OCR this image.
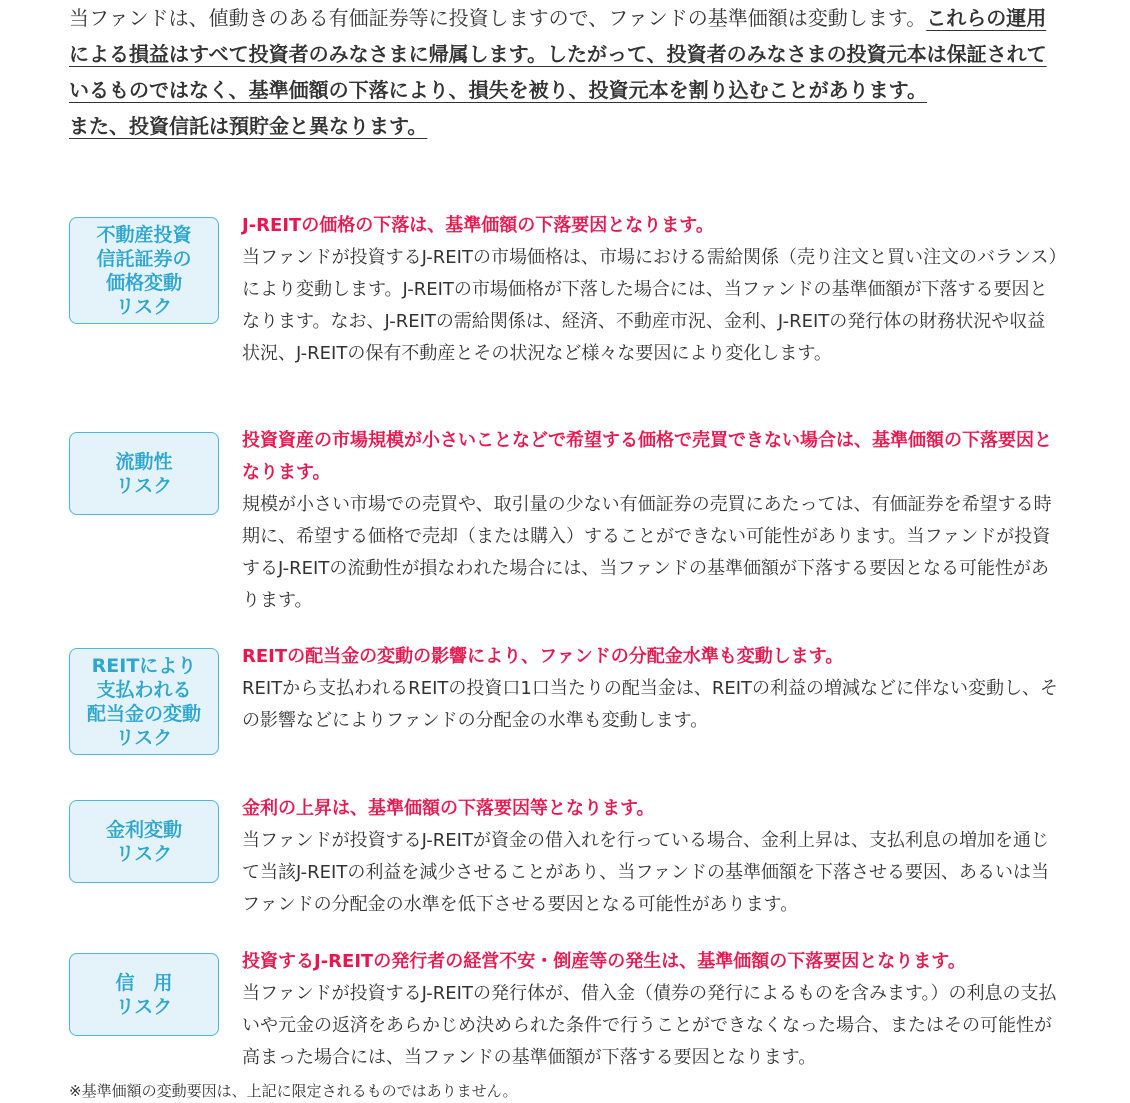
当ファンドは、値動きのある有価証券等に投資しますので、ファンドの基準価額は変動します。これらの運用による損益はすべて投資者のみなさまに帰属します。したがって、投資者のみなさまの投資元本は保証されているものではなく、基準価額の下落により、損失を被り、投資元本を割り込むことがあります。
また、投資信託は預貯金と異なります。
不動産投資
信託証券の
価格変動
リスク
J-REITの価格の下落は、基準価額の下落要因となります。
当ファンドが投資するJ-REITの市場価格は、市場における需給関係（売り注文と買い注文のバランス）により変動します。J-REITの市場価格が下落した場合には、当ファンドの基準価額が下落する要因となります。なお、J-REITの需給関係は、経済、不動産市況、金利、J-REITの発行体の財務状況や収益状況、J-REITの保有不動産とその状況など様々な要因により変化します。
流動性
リスク
投資資産の市場規模が小さいことなどで希望する価格で売買できない場合は、基準価額の下落要因となります。
規模が小さい市場での売買や、取引量の少ない有価証券の売買にあたっては、有価証券を希望する時期に、希望する価格で売却（または購入）することができない可能性があります。当ファンドが投資するJ-REITの流動性が損なわれた場合には、当ファンドの基準価額が下落する要因となる可能性があります。
REITにより
支払われる
配当金の変動
リスク
REITの配当金の変動の影響により、ファンドの分配金水準も変動します。
REITから支払われるREITの投資口1口当たりの配当金は、REITの利益の増減などに伴ない変動し、その影響などによりファンドの分配金の水準も変動します。
金利変動
リスク
金利の上昇は、基準価額の下落要因等となります。
当ファンドが投資するJ-REITが資金の借入れを行っている場合、金利上昇は、支払利息の増加を通じて当該J-REITの利益を減少させることがあり、当ファンドの基準価額を下落させる要因、あるいは当ファンドの分配金の水準を低下させる要因となる可能性があります。
信　用
リスク
投資するJ-REITの発行者の経営不安・倒産等の発生は、基準価額の下落要因となります。
当ファンドが投資するJ-REITの発行体が、借入金（債券の発行によるものを含みます。）の利息の支払いや元金の返済をあらかじめ決められた条件で行うことができなくなった場合、またはその可能性が高まった場合には、当ファンドの基準価額が下落する要因となります。
※基準価額の変動要因は、上記に限定されるものではありません。
